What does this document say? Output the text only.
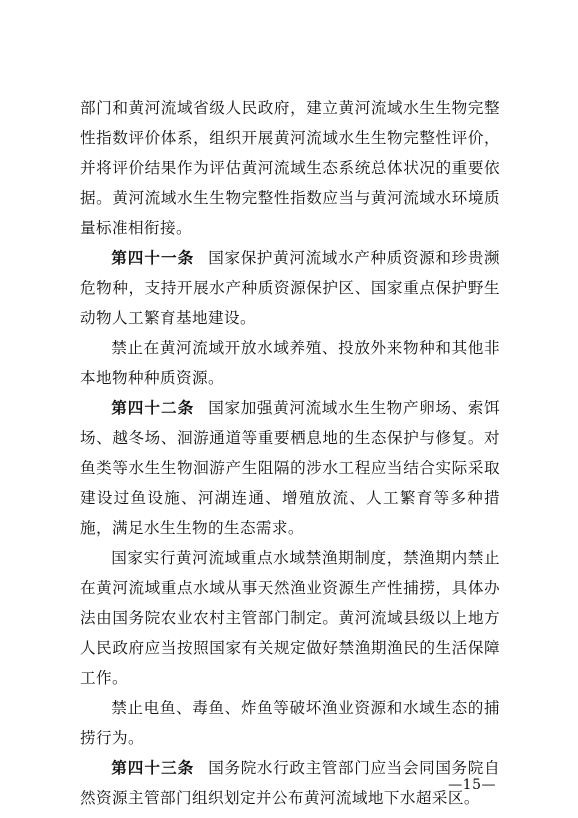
部门和黄河流域省级人民政府，建立黄河流域水生生物完整性指数评价体系，组织开展黄河流域水生生物完整性评价，并将评价结果作为评估黄河流域生态系统总体状况的重要依据。黄河流域水生生物完整性指数应当与黄河流域水环境质量标准相衔接。

第四十一条 国家保护黄河流域水产种质资源和珍贵濒危物种，支持开展水产种质资源保护区、国家重点保护野生动物人工繁育基地建设。

禁止在黄河流域开放水域养殖、投放外来物种和其他非本地物种种质资源。

第四十二条 国家加强黄河流域水生生物产卵场、索饵场、越冬场、洄游通道等重要栖息地的生态保护与修复。对鱼类等水生生物洄游产生阻隔的涉水工程应当结合实际采取建设过鱼设施、河湖连通、增殖放流、人工繁育等多种措施，满足水生生物的生态需求。

国家实行黄河流域重点水域禁渔期制度，禁渔期内禁止在黄河流域重点水域从事天然渔业资源生产性捕捞，具体办法由国务院农业农村主管部门制定。黄河流域县级以上地方人民政府应当按照国家有关规定做好禁渔期渔民的生活保障工作。

禁止电鱼、毒鱼、炸鱼等破坏渔业资源和水域生态的捕捞行为。

第四十三条 国务院水行政主管部门应当会同国务院自然资源主管部门组织划定并公布黄河流域地下水超采区。

—15—
